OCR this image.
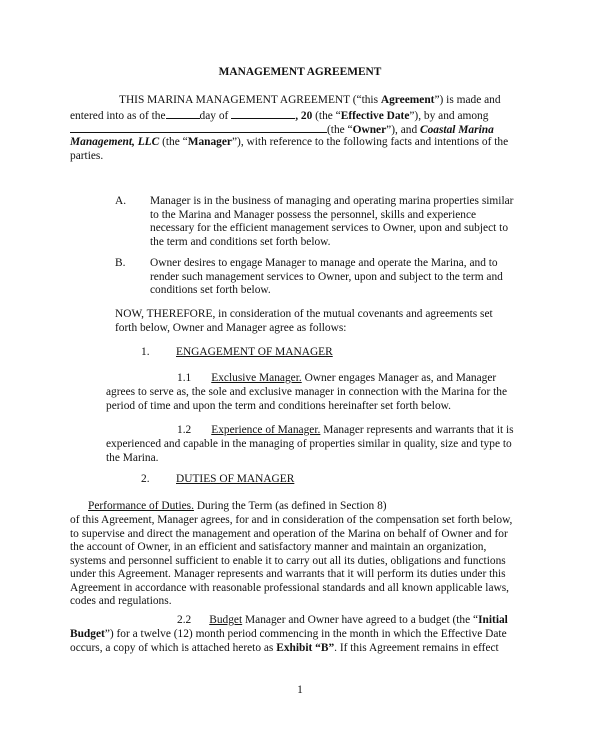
MANAGEMENT AGREEMENT
THIS MARINA MANAGEMENT AGREEMENT (“this Agreement”) is made and
entered into as of the	day of	, 20 (the “Effective Date”), by and among
(the “Owner”), and Coastal Marina
Management, LLC (the “Manager”), with reference to the following facts and intentions of the
parties.
A. Manager is in the business of managing and operating marina properties similar
to the Marina and Manager possess the personnel, skills and experience
necessary for the efficient management services to Owner, upon and subject to
the term and conditions set forth below.
B. Owner desires to engage Manager to manage and operate the Marina, and to
render such management services to Owner, upon and subject to the term and
conditions set forth below.
NOW, THEREFORE, in consideration of the mutual covenants and agreements set
forth below, Owner and Manager agree as follows:
1. ENGAGEMENT OF MANAGER
1.1 Exclusive Manager. Owner engages Manager as, and Manager
agrees to serve as, the sole and exclusive manager in connection with the Marina for the
period of time and upon the term and conditions hereinafter set forth below.
1.2 Experience of Manager. Manager represents and warrants that it is
experienced and capable in the managing of properties similar in quality, size and type to
the Marina.
2. DUTIES OF MANAGER
Performance of Duties. During the Term (as defined in Section 8)
of this Agreement, Manager agrees, for and in consideration of the compensation set forth below,
to supervise and direct the management and operation of the Marina on behalf of Owner and for
the account of Owner, in an efficient and satisfactory manner and maintain an organization,
systems and personnel sufficient to enable it to carry out all its duties, obligations and functions
under this Agreement. Manager represents and warrants that it will perform its duties under this
Agreement in accordance with reasonable professional standards and all known applicable laws,
codes and regulations.
2.2 Budget Manager and Owner have agreed to a budget (the “Initial
Budget”) for a twelve (12) month period commencing in the month in which the Effective Date
occurs, a copy of which is attached hereto as Exhibit “B”. If this Agreement remains in effect
1
